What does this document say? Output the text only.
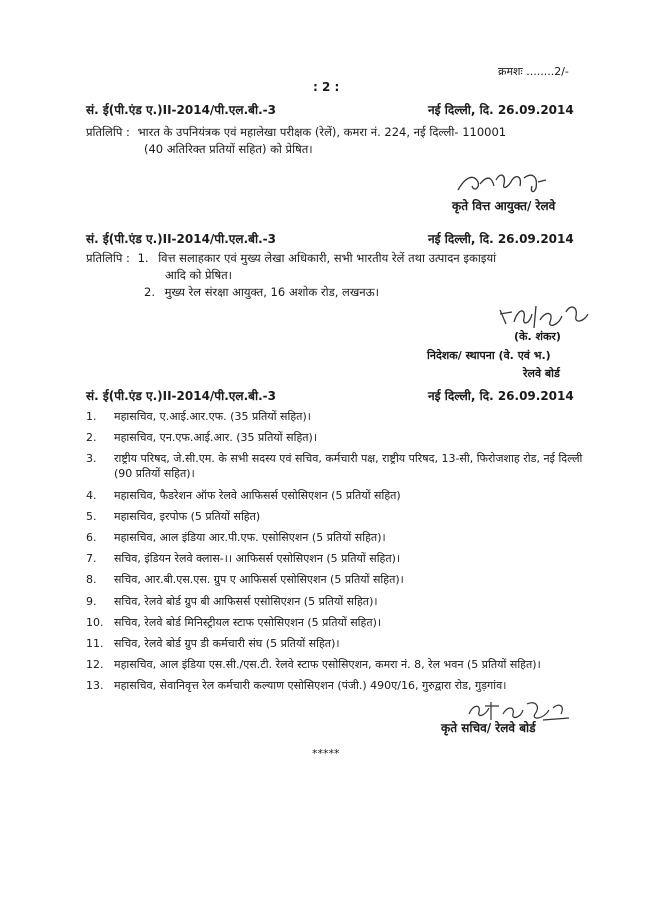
क्रमशः ........2/-
: 2 :
सं. ई(पी.एंड ए.)II-2014/पी.एल.बी.-3	नई दिल्ली, दि. 26.09.2014
प्रतिलिपि : भारत के उपनियंत्रक एवं महालेखा परीक्षक (रेलें), कमरा नं. 224, नई दिल्ली- 110001
(40 अतिरिक्त प्रतियों सहित) को प्रेषित।
कृते वित्त आयुक्त/ रेलवे
सं. ई(पी.एंड ए.)II-2014/पी.एल.बी.-3	नई दिल्ली, दि. 26.09.2014
प्रतिलिपि : 1. वित्त सलाहकार एवं मुख्य लेखा अधिकारी, सभी भारतीय रेलें तथा उत्पादन इकाइयां
आदि को प्रेषित।
2. मुख्य रेल संरक्षा आयुक्त, 16 अशोक रोड, लखनऊ।
(के. शंकर)
निदेशक/ स्थापना (वे. एवं भ.)
रेलवे बोर्ड
सं. ई(पी.एंड ए.)II-2014/पी.एल.बी.-3	नई दिल्ली, दि. 26.09.2014
1.	महासचिव, ए.आई.आर.एफ. (35 प्रतियों सहित)।
2.	महासचिव, एन.एफ.आई.आर. (35 प्रतियों सहित)।
3.	राष्ट्रीय परिषद, जे.सी.एम. के सभी सदस्य एवं सचिव, कर्मचारी पक्ष, राष्ट्रीय परिषद, 13-सी, फिरोजशाह रोड, नई दिल्ली (90 प्रतियों सहित)।
4.	महासचिव, फैडरेशन ऑफ रेलवे आफिसर्स एसोसिएशन (5 प्रतियों सहित)
5.	महासचिव, इरपोफ (5 प्रतियों सहित)
6.	महासचिव, आल इंडिया आर.पी.एफ. एसोसिएशन (5 प्रतियों सहित)।
7.	सचिव, इंडियन रेलवे क्लास-।। आफिसर्स एसोसिएशन (5 प्रतियों सहित)।
8.	सचिव, आर.बी.एस.एस. ग्रुप ए आफिसर्स एसोसिएशन (5 प्रतियों सहित)।
9.	सचिव, रेलवे बोर्ड ग्रुप बी आफिसर्स एसोसिएशन (5 प्रतियों सहित)।
10. सचिव, रेलवे बोर्ड मिनिस्ट्रीयल स्टाफ एसोसिएशन (5 प्रतियों सहित)।
11. सचिव, रेलवे बोर्ड ग्रुप डी कर्मचारी संघ (5 प्रतियों सहित)।
12. महासचिव, आल इंडिया एस.सी./एस.टी. रेलवे स्टाफ एसोसिएशन, कमरा नं. 8, रेल भवन (5 प्रतियों सहित)।
13. महासचिव, सेवानिवृत्त रेल कर्मचारी कल्याण एसोसिएशन (पंजी.) 490ए/16, गुरुद्वारा रोड, गुड़गांव।
कृते सचिव/ रेलवे बोर्ड
*****
